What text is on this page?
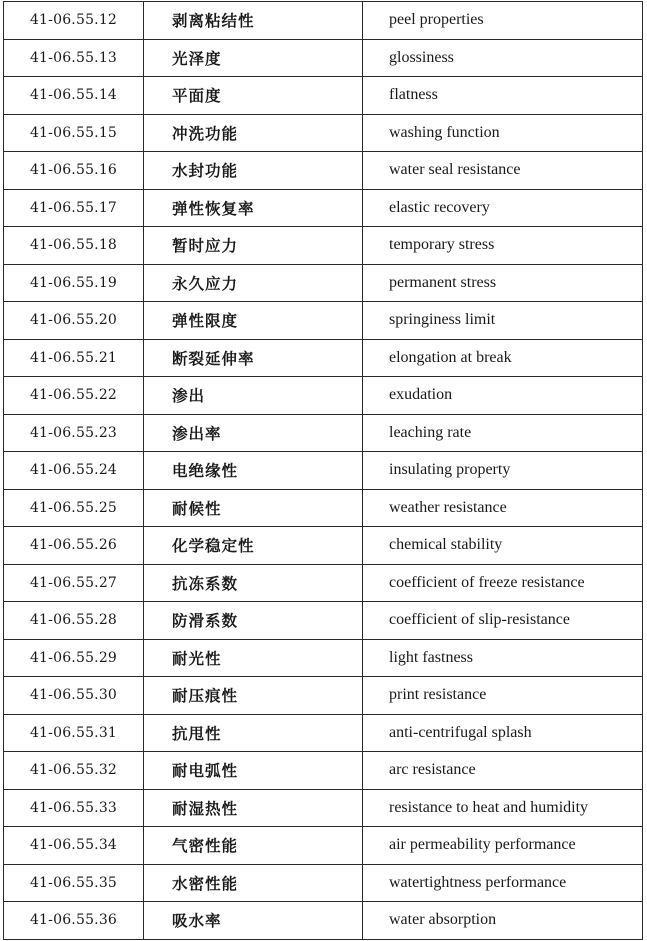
41-06.55.12	剥离粘结性	peel properties
41-06.55.13	光泽度	glossiness
41-06.55.14	平面度	flatness
41-06.55.15	冲洗功能	washing function
41-06.55.16	水封功能	water seal resistance
41-06.55.17	弹性恢复率	elastic recovery
41-06.55.18	暂时应力	temporary stress
41-06.55.19	永久应力	permanent stress
41-06.55.20	弹性限度	springiness limit
41-06.55.21	断裂延伸率	elongation at break
41-06.55.22	渗出	exudation
41-06.55.23	渗出率	leaching rate
41-06.55.24	电绝缘性	insulating property
41-06.55.25	耐候性	weather resistance
41-06.55.26	化学稳定性	chemical stability
41-06.55.27	抗冻系数	coefficient of freeze resistance
41-06.55.28	防滑系数	coefficient of slip-resistance
41-06.55.29	耐光性	light fastness
41-06.55.30	耐压痕性	print resistance
41-06.55.31	抗甩性	anti-centrifugal splash
41-06.55.32	耐电弧性	arc resistance
41-06.55.33	耐湿热性	resistance to heat and humidity
41-06.55.34	气密性能	air permeability performance
41-06.55.35	水密性能	watertightness performance
41-06.55.36	吸水率	water absorption
